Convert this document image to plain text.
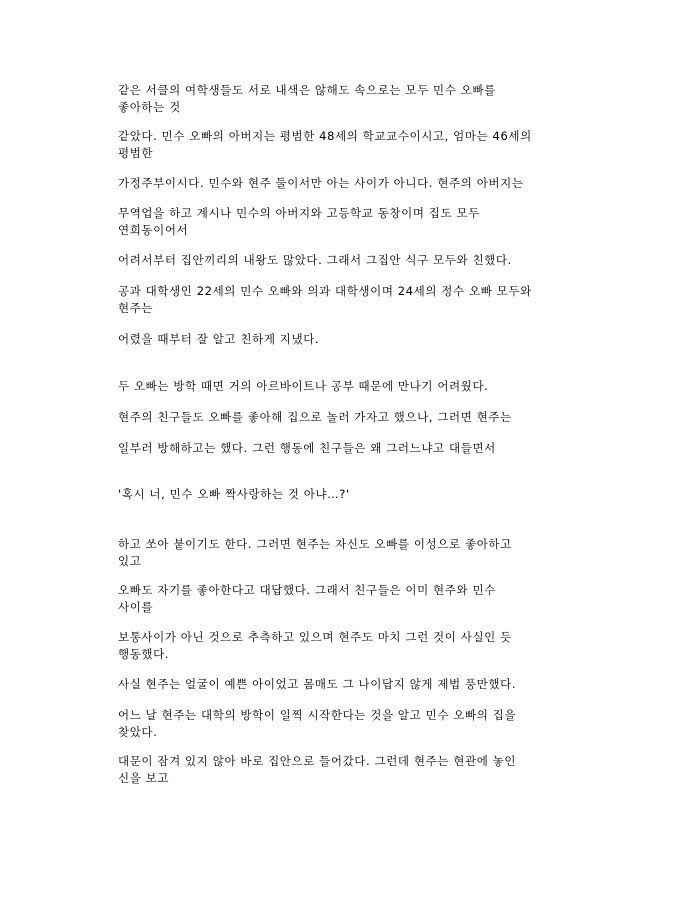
같은 서클의 여학생들도 서로 내색은 않해도 속으로는 모두 민수 오빠를
좋아하는 것

같았다. 민수 오빠의 아버지는 평범한 48세의 학교교수이시고, 엄마는 46세의
평범한

가정주부이시다. 민수와 현주 둘이서만 아는 사이가 아니다. 현주의 아버지는

무역업을 하고 계시나 민수의 아버지와 고등학교 동창이며 집도 모두
연희동이어서

어려서부터 집안끼리의 내왕도 많았다. 그래서 그집안 식구 모두와 친했다.

공과 대학생인 22세의 민수 오빠와 의과 대학생이며 24세의 정수 오빠 모두와
현주는

어렸을 때부터 잘 알고 친하게 지냈다.

두 오빠는 방학 때면 거의 아르바이트나 공부 때문에 만나기 어려웠다.

현주의 친구들도 오빠를 좋아해 집으로 놀러 가자고 했으나, 그러면 현주는

일부러 방해하고는 했다. 그런 행동에 친구들은 왜 그러느냐고 대들면서

'혹시 너, 민수 오빠 짝사랑하는 것 아냐…?'

하고 쏘아 붙이기도 한다. 그러면 현주는 자신도 오빠를 이성으로 좋아하고
있고

오빠도 자기를 좋아한다고 대답했다. 그래서 친구들은 이미 현주와 민수
사이를

보통사이가 아닌 것으로 추측하고 있으며 현주도 마치 그런 것이 사실인 듯
행동했다.

사실 현주는 얼굴이 예쁜 아이었고 몸매도 그 나이답지 않게 제법 풍만했다.

어느 날 현주는 대학의 방학이 일찍 시작한다는 것을 알고 민수 오빠의 집을
찾았다.

대문이 잠겨 있지 않아 바로 집안으로 들어갔다. 그런데 현주는 현관에 놓인
신을 보고
